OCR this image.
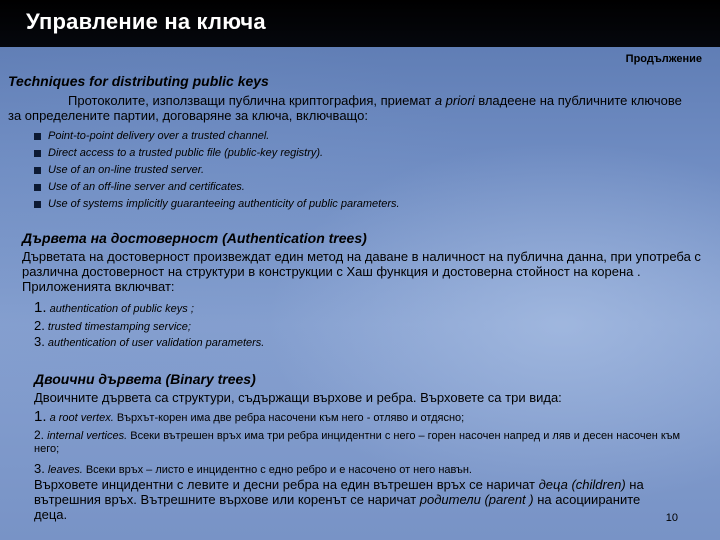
Управление на ключа
Продължение
Techniques for distributing public keys
Протоколите, използващи публична криптография, приемат a priori владеене на публичните ключове за определените партии, договаряне за ключа, включващо:
Point-to-point delivery over a trusted channel.
Direct access to a trusted public file (public-key registry).
Use of an on-line trusted server.
Use of an off-line server and certificates.
Use of systems implicitly guaranteeing authenticity of public parameters.
Дървета на достоверност (Authentication trees)
Дърветата на достоверност произвеждат един метод на даване в наличност на публична данна, при употреба с различна достоверност на структури в конструкции с Хаш функция и достоверна стойност на корена . Приложенията включват:
1. authentication of public keys ;
2. trusted timestamping service;
3. authentication of user validation parameters.
Двоични дървета (Binary trees)
Двоичните дървета са структури, съдържащи върхове и ребра. Върховете са три вида:
1. a root vertex. Върхът-корен има две ребра насочени към него - отляво и отдясно;
2. internal vertices. Всеки вътрешен връх има три ребра инцидентни с него – горен насочен напред и ляв и десен насочен към него;
3. leaves. Всеки връх – листо е инцидентно с едно ребро и е насочено от него навън.
Върховете инцидентни с левите и десни ребра на един вътрешен връх се наричат деца (children) на вътрешния връх. Вътрешните върхове или коренът се наричат родители (parent ) на асоциираните деца.	10
